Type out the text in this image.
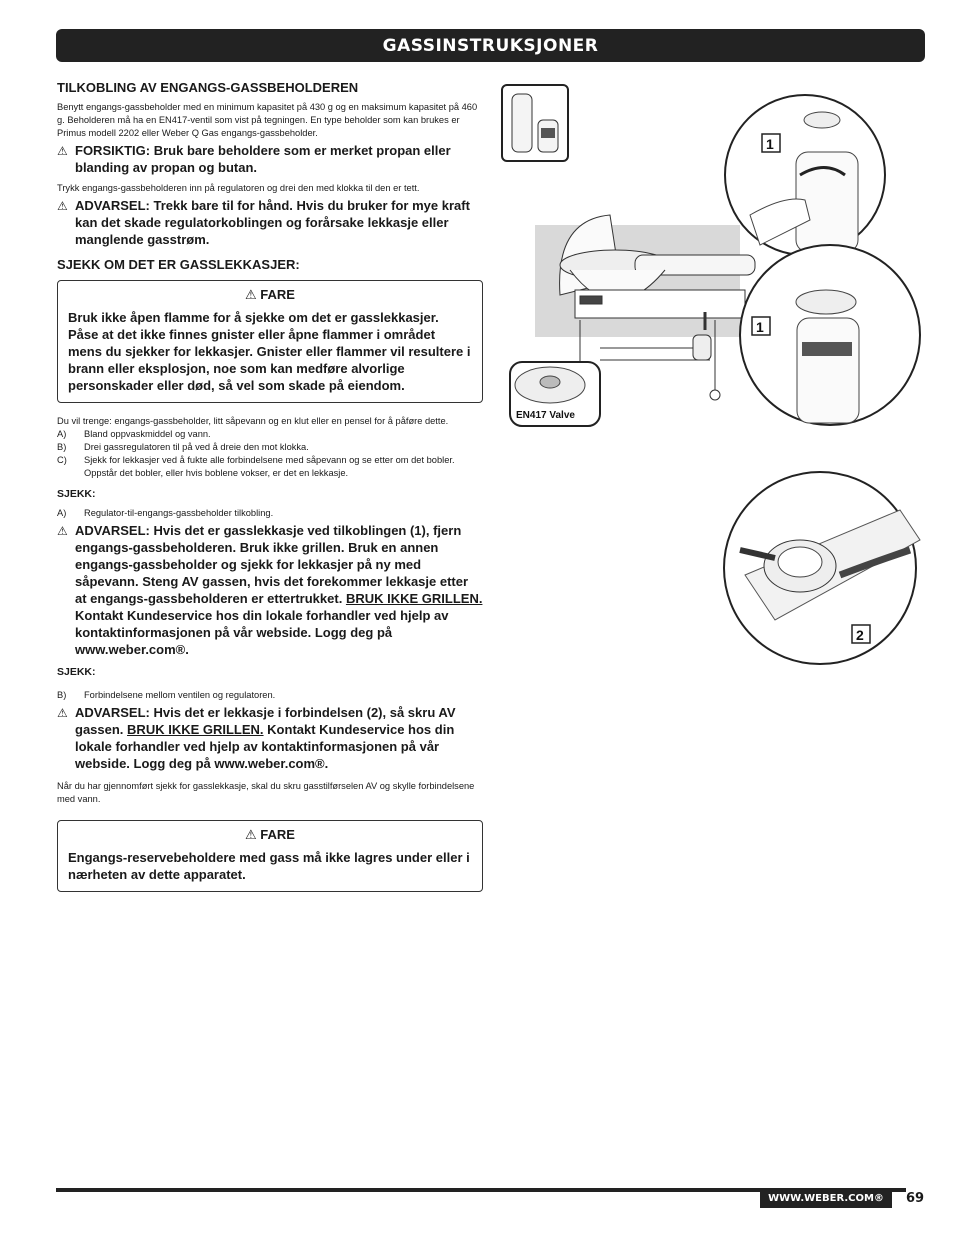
GASSINSTRUKSJONER

TILKOBLING AV ENGANGS-GASSBEHOLDEREN

Benytt engangs-gassbeholder med en minimum kapasitet på 430 g og en maksimum kapasitet på 460 g. Beholderen må ha en EN417-ventil som vist på tegningen. En type beholder som kan brukes er Primus modell 2202 eller Weber Q Gas engangs-gassbeholder.

⚠ FORSIKTIG: Bruk bare beholdere som er merket propan eller blanding av propan og butan.

Trykk engangs-gassbeholderen inn på regulatoren og drei den med klokka til den er tett.

⚠ ADVARSEL: Trekk bare til for hånd. Hvis du bruker for mye kraft kan det skade regulatorkoblingen og forårsake lekkasje eller manglende gasstrøm.

SJEKK OM DET ER GASSLEKKASJER:

⚠ FARE
Bruk ikke åpen flamme for å sjekke om det er gasslekkasjer. Påse at det ikke finnes gnister eller åpne flammer i området mens du sjekker for lekkasjer. Gnister eller flammer vil resultere i brann eller eksplosjon, noe som kan medføre alvorlige personskader eller død, så vel som skade på eiendom.

Du vil trenge: engangs-gassbeholder, litt såpevann og en klut eller en pensel for å påføre dette.

A)	Bland oppvaskmiddel og vann.
B)	Drei gassregulatoren til på ved å dreie den mot klokka.
C)	Sjekk for lekkasjer ved å fukte alle forbindelsene med såpevann og se etter om det bobler. Oppstår det bobler, eller hvis boblene vokser, er det en lekkasje.

SJEKK:

A)	Regulator-til-engangs-gassbeholder tilkobling.
⚠ ADVARSEL: Hvis det er gasslekkasje ved tilkoblingen (1), fjern engangs-gassbeholderen. Bruk ikke grillen. Bruk en annen engangs-gassbeholder og sjekk for lekkasjer på ny med såpevann. Steng AV gassen, hvis det forekommer lekkasje etter at engangs-gassbeholderen er ettertrukket. BRUK IKKE GRILLEN. Kontakt Kundeservice hos din lokale forhandler ved hjelp av kontaktinformasjonen på vår webside. Logg deg på www.weber.com®.

SJEKK:

B)	Forbindelsene mellom ventilen og regulatoren.
⚠ ADVARSEL: Hvis det er lekkasje i forbindelsen (2), så skru AV gassen. BRUK IKKE GRILLEN. Kontakt Kundeservice hos din lokale forhandler ved hjelp av kontaktinformasjonen på vår webside. Logg deg på www.weber.com®.

Når du har gjennomført sjekk for gasslekkasje, skal du skru gasstilførselen AV og skylle forbindelsene med vann.

⚠ FARE
Engangs-reservebeholdere med gass må ikke lagres under eller i nærheten av dette apparatet.
EN417 Valve
1
1
2
WWW.WEBER.COM® 69
